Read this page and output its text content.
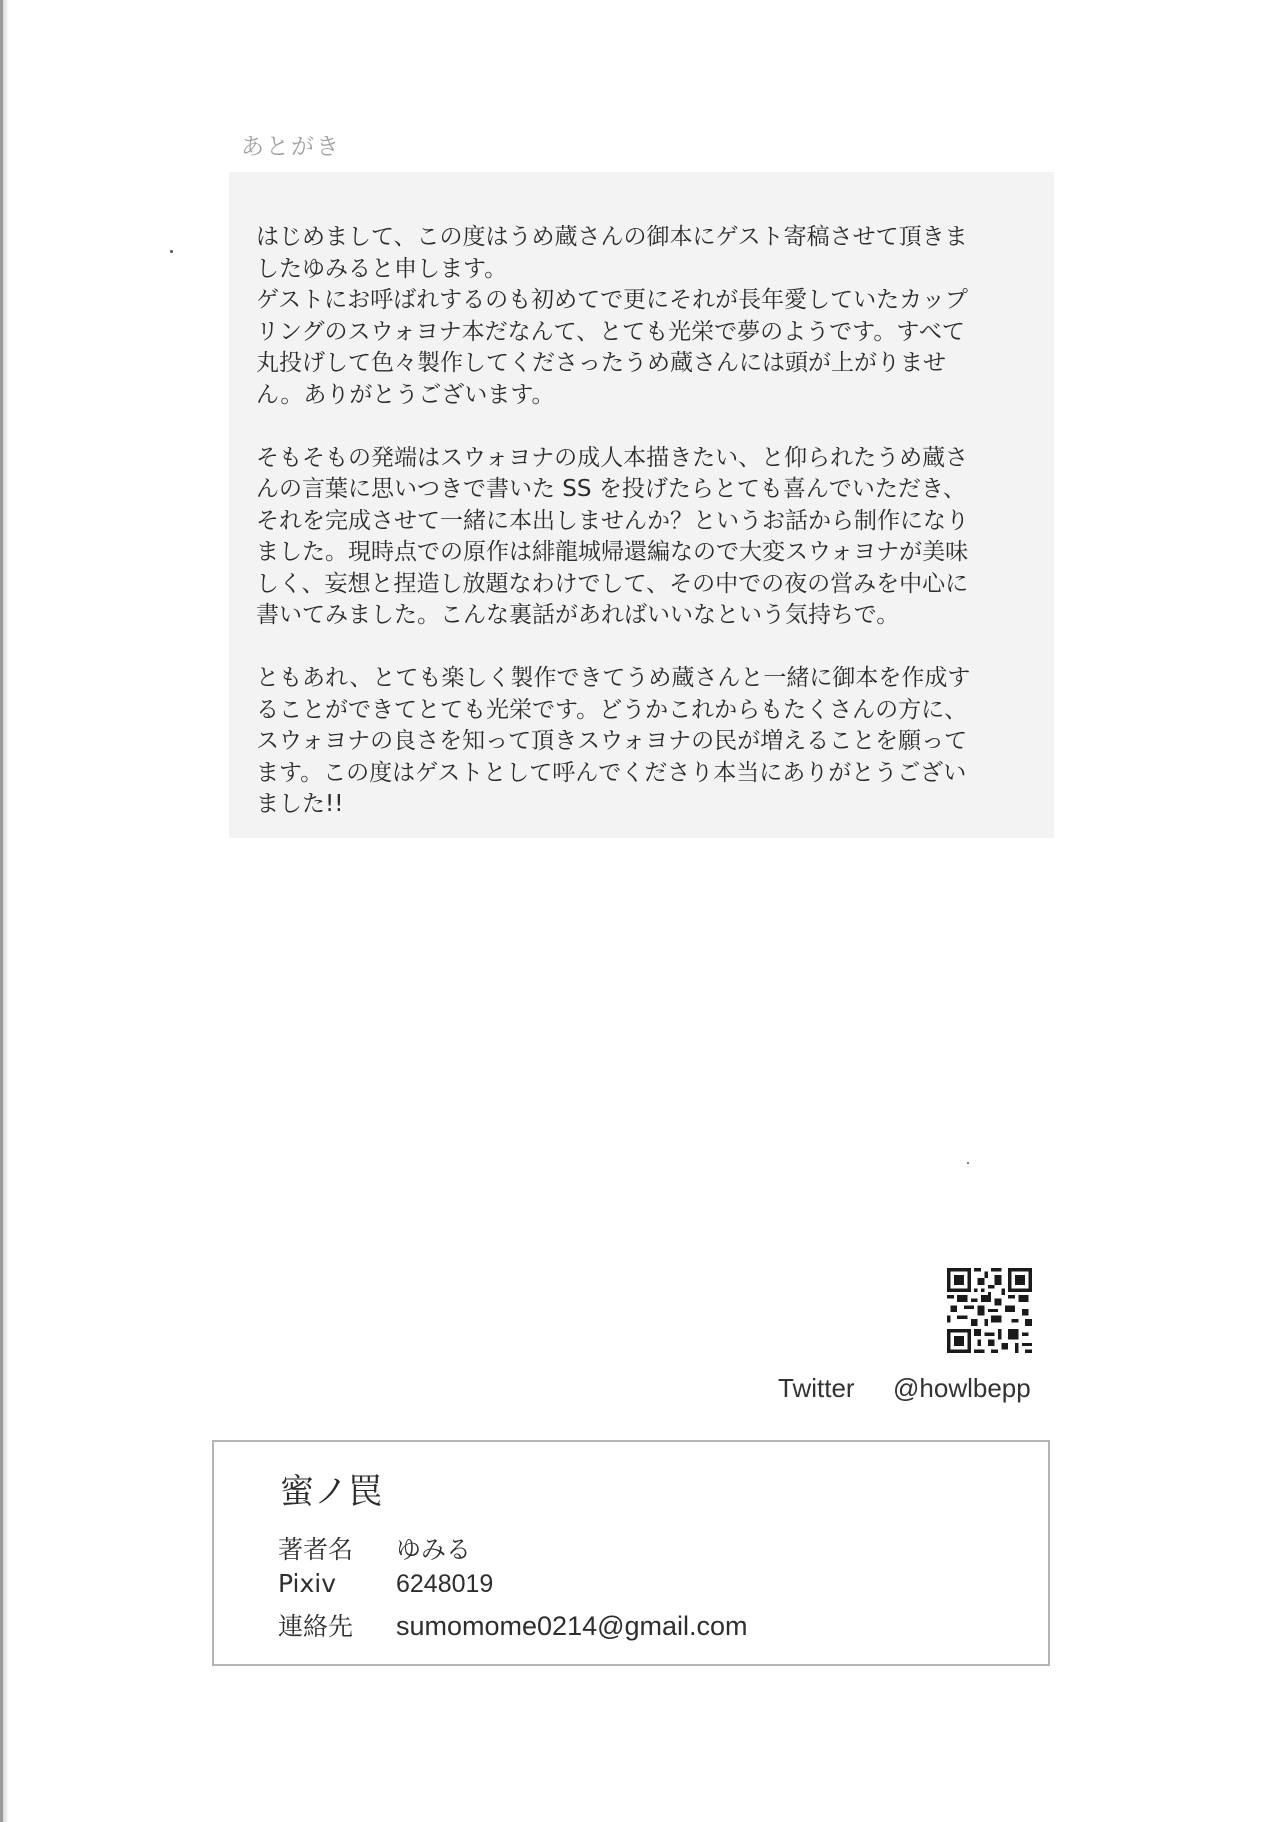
あとがき

はじめまして、この度はうめ蔵さんの御本にゲスト寄稿させて頂きま
したゆみると申します。
ゲストにお呼ばれするのも初めてで更にそれが長年愛していたカップ
リングのスウォヨナ本だなんて、とても光栄で夢のようです。すべて
丸投げして色々製作してくださったうめ蔵さんには頭が上がりませ
ん。ありがとうございます。

そもそもの発端はスウォヨナの成人本描きたい、と仰られたうめ蔵さ
んの言葉に思いつきで書いた SS を投げたらとても喜んでいただき、
それを完成させて一緒に本出しませんか？というお話から制作になり
ました。現時点での原作は緋龍城帰還編なので大変スウォヨナが美味
しく、妄想と捏造し放題なわけでして、その中での夜の営みを中心に
書いてみました。こんな裏話があればいいなという気持ちで。

ともあれ、とても楽しく製作できてうめ蔵さんと一緒に御本を作成す
ることができてとても光栄です。どうかこれからもたくさんの方に、
スウォヨナの良さを知って頂きスウォヨナの民が増えることを願って
ます。この度はゲストとして呼んでくださり本当にありがとうござい
ました!!

Twitter @howlbepp
蜜ノ罠
著者名 ゆみる
Pixiv 6248019
連絡先 sumomome0214@gmail.com
